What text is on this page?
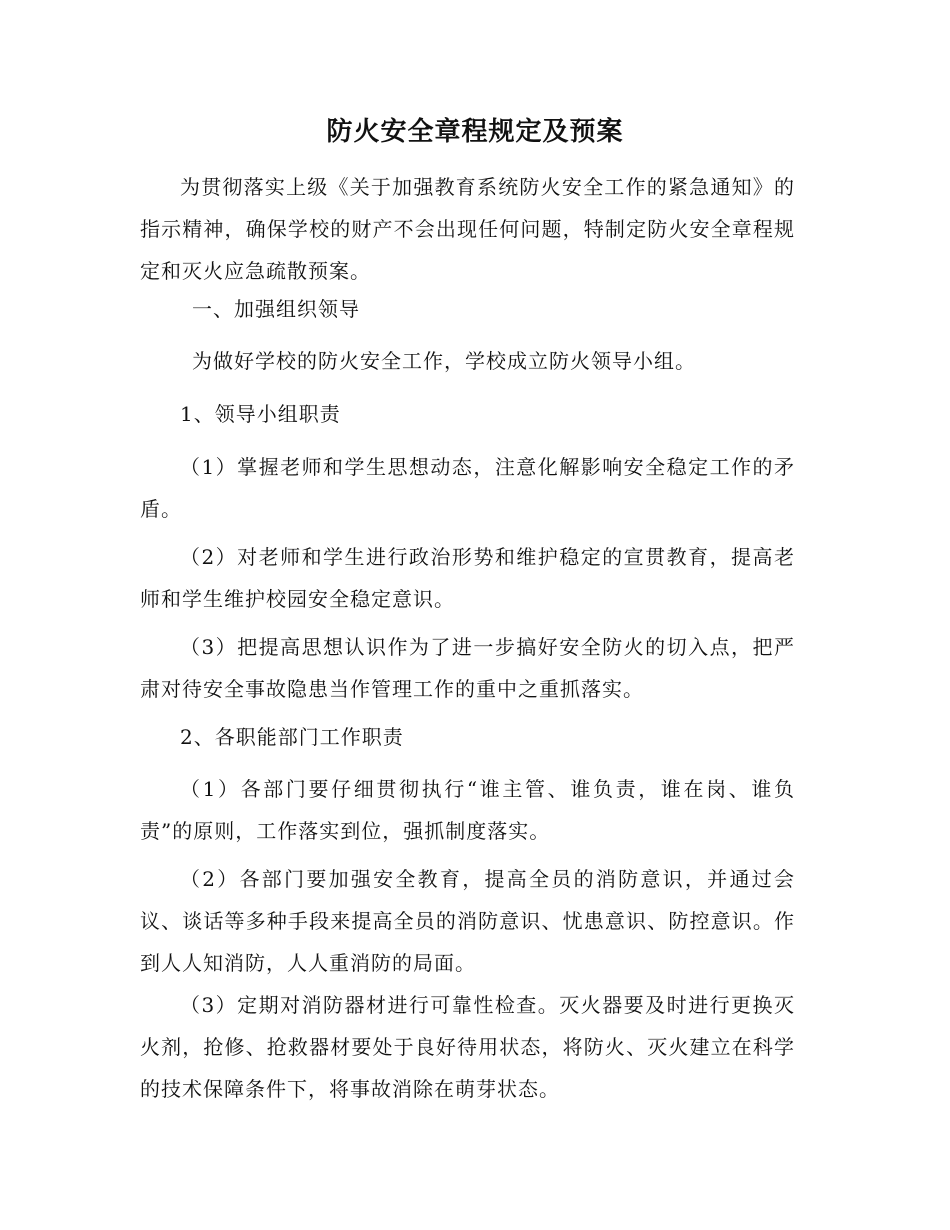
防火安全章程规定及预案

为贯彻落实上级《关于加强教育系统防火安全工作的紧急通知》的指示精神，确保学校的财产不会出现任何问题，特制定防火安全章程规定和灭火应急疏散预案。

一、加强组织领导

为做好学校的防火安全工作，学校成立防火领导小组。

1、领导小组职责

（1）掌握老师和学生思想动态，注意化解影响安全稳定工作的矛盾。

（2）对老师和学生进行政治形势和维护稳定的宣贯教育，提高老师和学生维护校园安全稳定意识。

（3）把提高思想认识作为了进一步搞好安全防火的切入点，把严肃对待安全事故隐患当作管理工作的重中之重抓落实。

2、各职能部门工作职责

（1）各部门要仔细贯彻执行“谁主管、谁负责，谁在岗、谁负责”的原则，工作落实到位，强抓制度落实。

（2）各部门要加强安全教育，提高全员的消防意识，并通过会议、谈话等多种手段来提高全员的消防意识、忧患意识、防控意识。作到人人知消防，人人重消防的局面。

（3）定期对消防器材进行可靠性检查。灭火器要及时进行更换灭火剂，抢修、抢救器材要处于良好待用状态，将防火、灭火建立在科学的技术保障条件下，将事故消除在萌芽状态。
